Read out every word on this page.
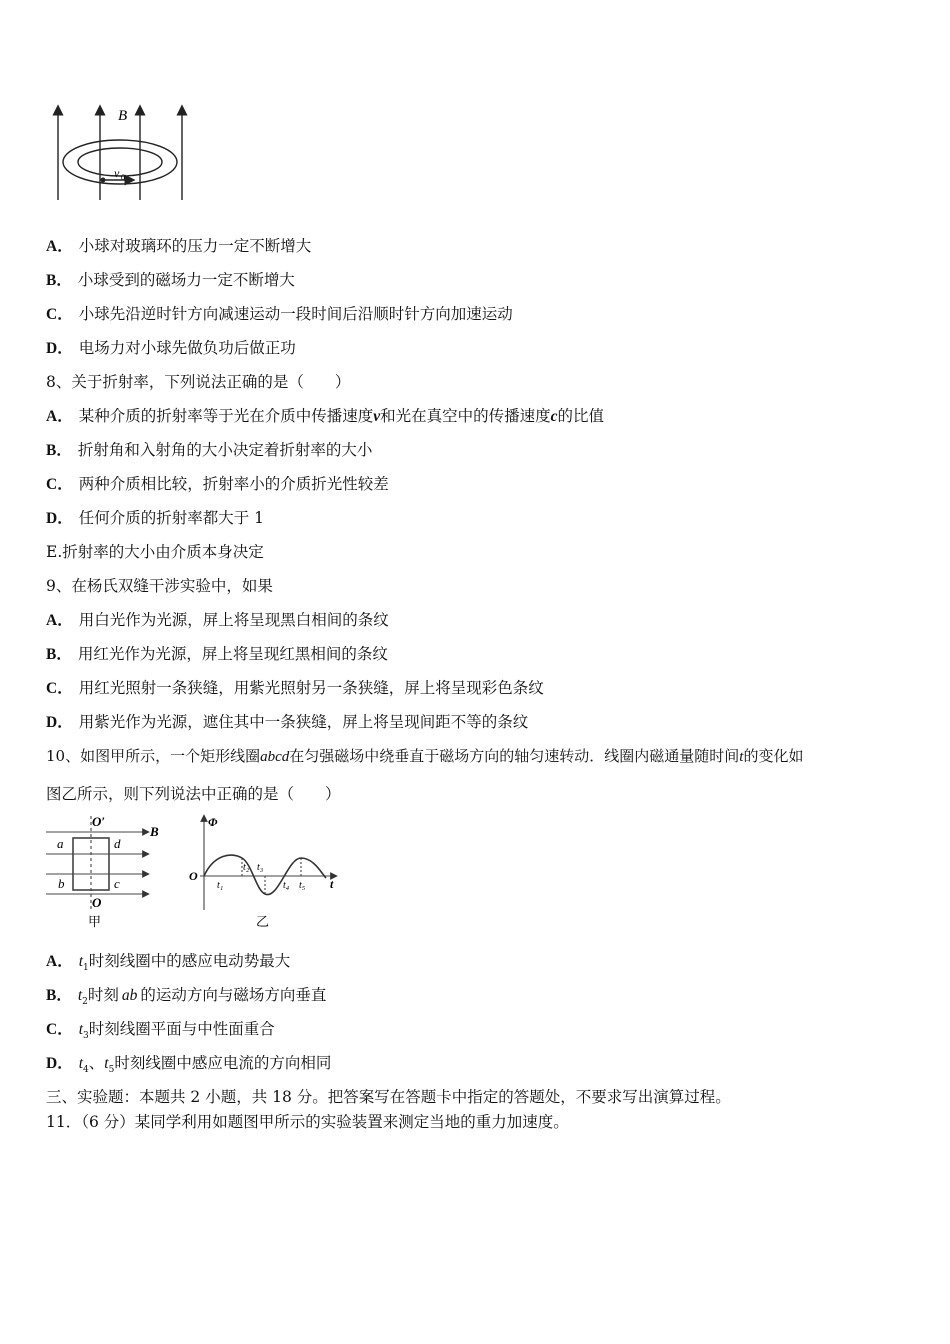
B
v 0
A． 小球对玻璃环的压力一定不断增大
B． 小球受到的磁场力一定不断增大
C． 小球先沿逆时针方向减速运动一段时间后沿顺时针方向加速运动
D． 电场力对小球先做负功后做正功
8、关于折射率，下列说法正确的是（　　）
A． 某种介质的折射率等于光在介质中传播速度v和光在真空中的传播速度c的比值
B． 折射角和入射角的大小决定着折射率的大小
C． 两种介质相比较，折射率小的介质折光性较差
D． 任何介质的折射率都大于 1
E.折射率的大小由介质本身决定
9、在杨氏双缝干涉实验中，如果
A． 用白光作为光源，屏上将呈现黑白相间的条纹
B． 用红光作为光源，屏上将呈现红黑相间的条纹
C． 用红光照射一条狭缝，用紫光照射另一条狭缝，屏上将呈现彩色条纹
D． 用紫光作为光源，遮住其中一条狭缝，屏上将呈现间距不等的条纹
10、如图甲所示，一个矩形线圈abcd在匀强磁场中绕垂直于磁场方向的轴匀速转动．线圈内磁通量随时间t的变化如
图乙所示，则下列说法中正确的是（　　）
O′
B
a	d
b	c
O
甲
Φ
O
t
t₁
t₂ t₃
t₄ t₅
乙
A． $t_1$时刻线圈中的感应电动势最大
B． $t_2$时刻 ab 的运动方向与磁场方向垂直
C． $t_3$时刻线圈平面与中性面重合
D． $t_4$、$t_5$时刻线圈中感应电流的方向相同
三、实验题：本题共 2 小题，共 18 分。把答案写在答题卡中指定的答题处，不要求写出演算过程。
11．（6 分）某同学利用如题图甲所示的实验装置来测定当地的重力加速度。
